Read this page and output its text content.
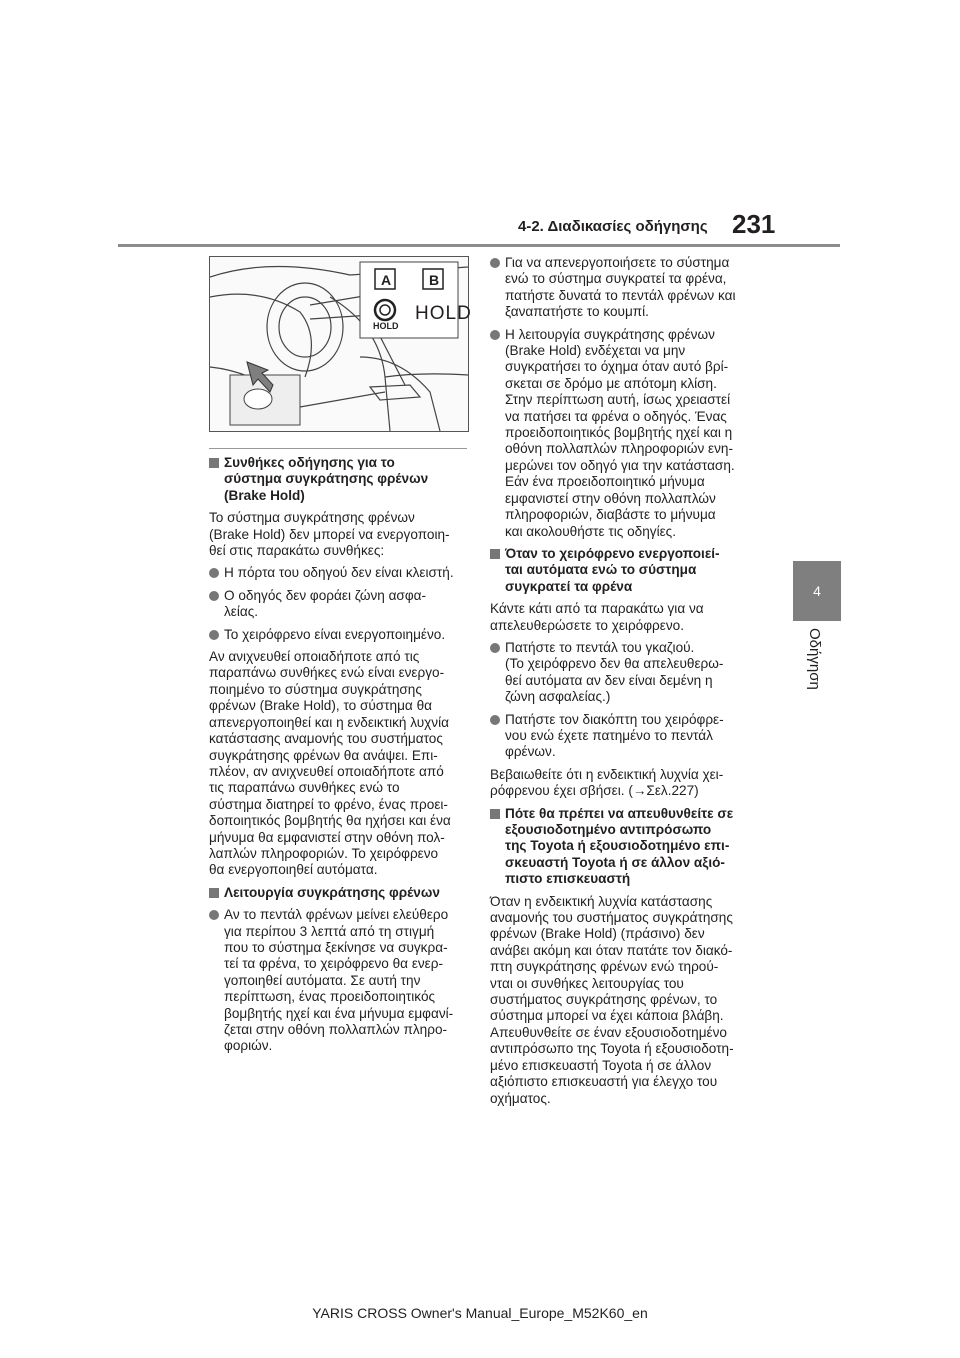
4-2. Διαδικασίες οδήγησης 231
4
Οδήγηση
A	B
HOLD
HOLD

Συνθήκες οδήγησης για το
σύστημα συγκράτησης φρένων
(Brake Hold)

Το σύστημα συγκράτησης φρένων
(Brake Hold) δεν μπορεί να ενεργοποιη-
θεί στις παρακάτω συνθήκες:

Η πόρτα του οδηγού δεν είναι κλειστή.

Ο οδηγός δεν φοράει ζώνη ασφα-
λείας.

Το χειρόφρενο είναι ενεργοποιημένο.

Αν ανιχνευθεί οποιαδήποτε από τις
παραπάνω συνθήκες ενώ είναι ενεργο-
ποιημένο το σύστημα συγκράτησης
φρένων (Brake Hold), το σύστημα θα
απενεργοποιηθεί και η ενδεικτική λυχνία
κατάστασης αναμονής του συστήματος
συγκράτησης φρένων θα ανάψει. Επι-
πλέον, αν ανιχνευθεί οποιαδήποτε από
τις παραπάνω συνθήκες ενώ το
σύστημα διατηρεί το φρένο, ένας προει-
δοποιητικός βομβητής θα ηχήσει και ένα
μήνυμα θα εμφανιστεί στην οθόνη πολ-
λαπλών πληροφοριών. Το χειρόφρενο
θα ενεργοποιηθεί αυτόματα.

Λειτουργία συγκράτησης φρένων

Αν το πεντάλ φρένων μείνει ελεύθερο
για περίπου 3 λεπτά από τη στιγμή
που το σύστημα ξεκίνησε να συγκρα-
τεί τα φρένα, το χειρόφρενο θα ενερ-
γοποιηθεί αυτόματα. Σε αυτή την
περίπτωση, ένας προειδοποιητικός
βομβητής ηχεί και ένα μήνυμα εμφανί-
ζεται στην οθόνη πολλαπλών πληρο-
φοριών.

Για να απενεργοποιήσετε το σύστημα
ενώ το σύστημα συγκρατεί τα φρένα,
πατήστε δυνατά το πεντάλ φρένων και
ξαναπατήστε το κουμπί.

Η λειτουργία συγκράτησης φρένων
(Brake Hold) ενδέχεται να μην
συγκρατήσει το όχημα όταν αυτό βρί-
σκεται σε δρόμο με απότομη κλίση.
Στην περίπτωση αυτή, ίσως χρειαστεί
να πατήσει τα φρένα ο οδηγός. Ένας
προειδοποιητικός βομβητής ηχεί και η
οθόνη πολλαπλών πληροφοριών ενη-
μερώνει τον οδηγό για την κατάσταση.
Εάν ένα προειδοποιητικό μήνυμα
εμφανιστεί στην οθόνη πολλαπλών
πληροφοριών, διαβάστε το μήνυμα
και ακολουθήστε τις οδηγίες.

Όταν το χειρόφρενο ενεργοποιεί-
ται αυτόματα ενώ το σύστημα
συγκρατεί τα φρένα

Κάντε κάτι από τα παρακάτω για να
απελευθερώσετε το χειρόφρενο.

Πατήστε το πεντάλ του γκαζιού.
(Το χειρόφρενο δεν θα απελευθερω-
θεί αυτόματα αν δεν είναι δεμένη η
ζώνη ασφαλείας.)

Πατήστε τον διακόπτη του χειρόφρε-
νου ενώ έχετε πατημένο το πεντάλ
φρένων.

Βεβαιωθείτε ότι η ενδεικτική λυχνία χει-
ρόφρενου έχει σβήσει. (→Σελ.227)

Πότε θα πρέπει να απευθυνθείτε σε
εξουσιοδοτημένο αντιπρόσωπο
της Toyota ή εξουσιοδοτημένο επι-
σκευαστή Toyota ή σε άλλον αξιό-
πιστο επισκευαστή

Όταν η ενδεικτική λυχνία κατάστασης
αναμονής του συστήματος συγκράτησης
φρένων (Brake Hold) (πράσινο) δεν
ανάβει ακόμη και όταν πατάτε τον διακό-
πτη συγκράτησης φρένων ενώ τηρού-
νται οι συνθήκες λειτουργίας του
συστήματος συγκράτησης φρένων, το
σύστημα μπορεί να έχει κάποια βλάβη.
Απευθυνθείτε σε έναν εξουσιοδοτημένο
αντιπρόσωπο της Toyota ή εξουσιοδοτη-
μένο επισκευαστή Toyota ή σε άλλον
αξιόπιστο επισκευαστή για έλεγχο του
οχήματος.

YARIS CROSS Owner's Manual_Europe_M52K60_en
